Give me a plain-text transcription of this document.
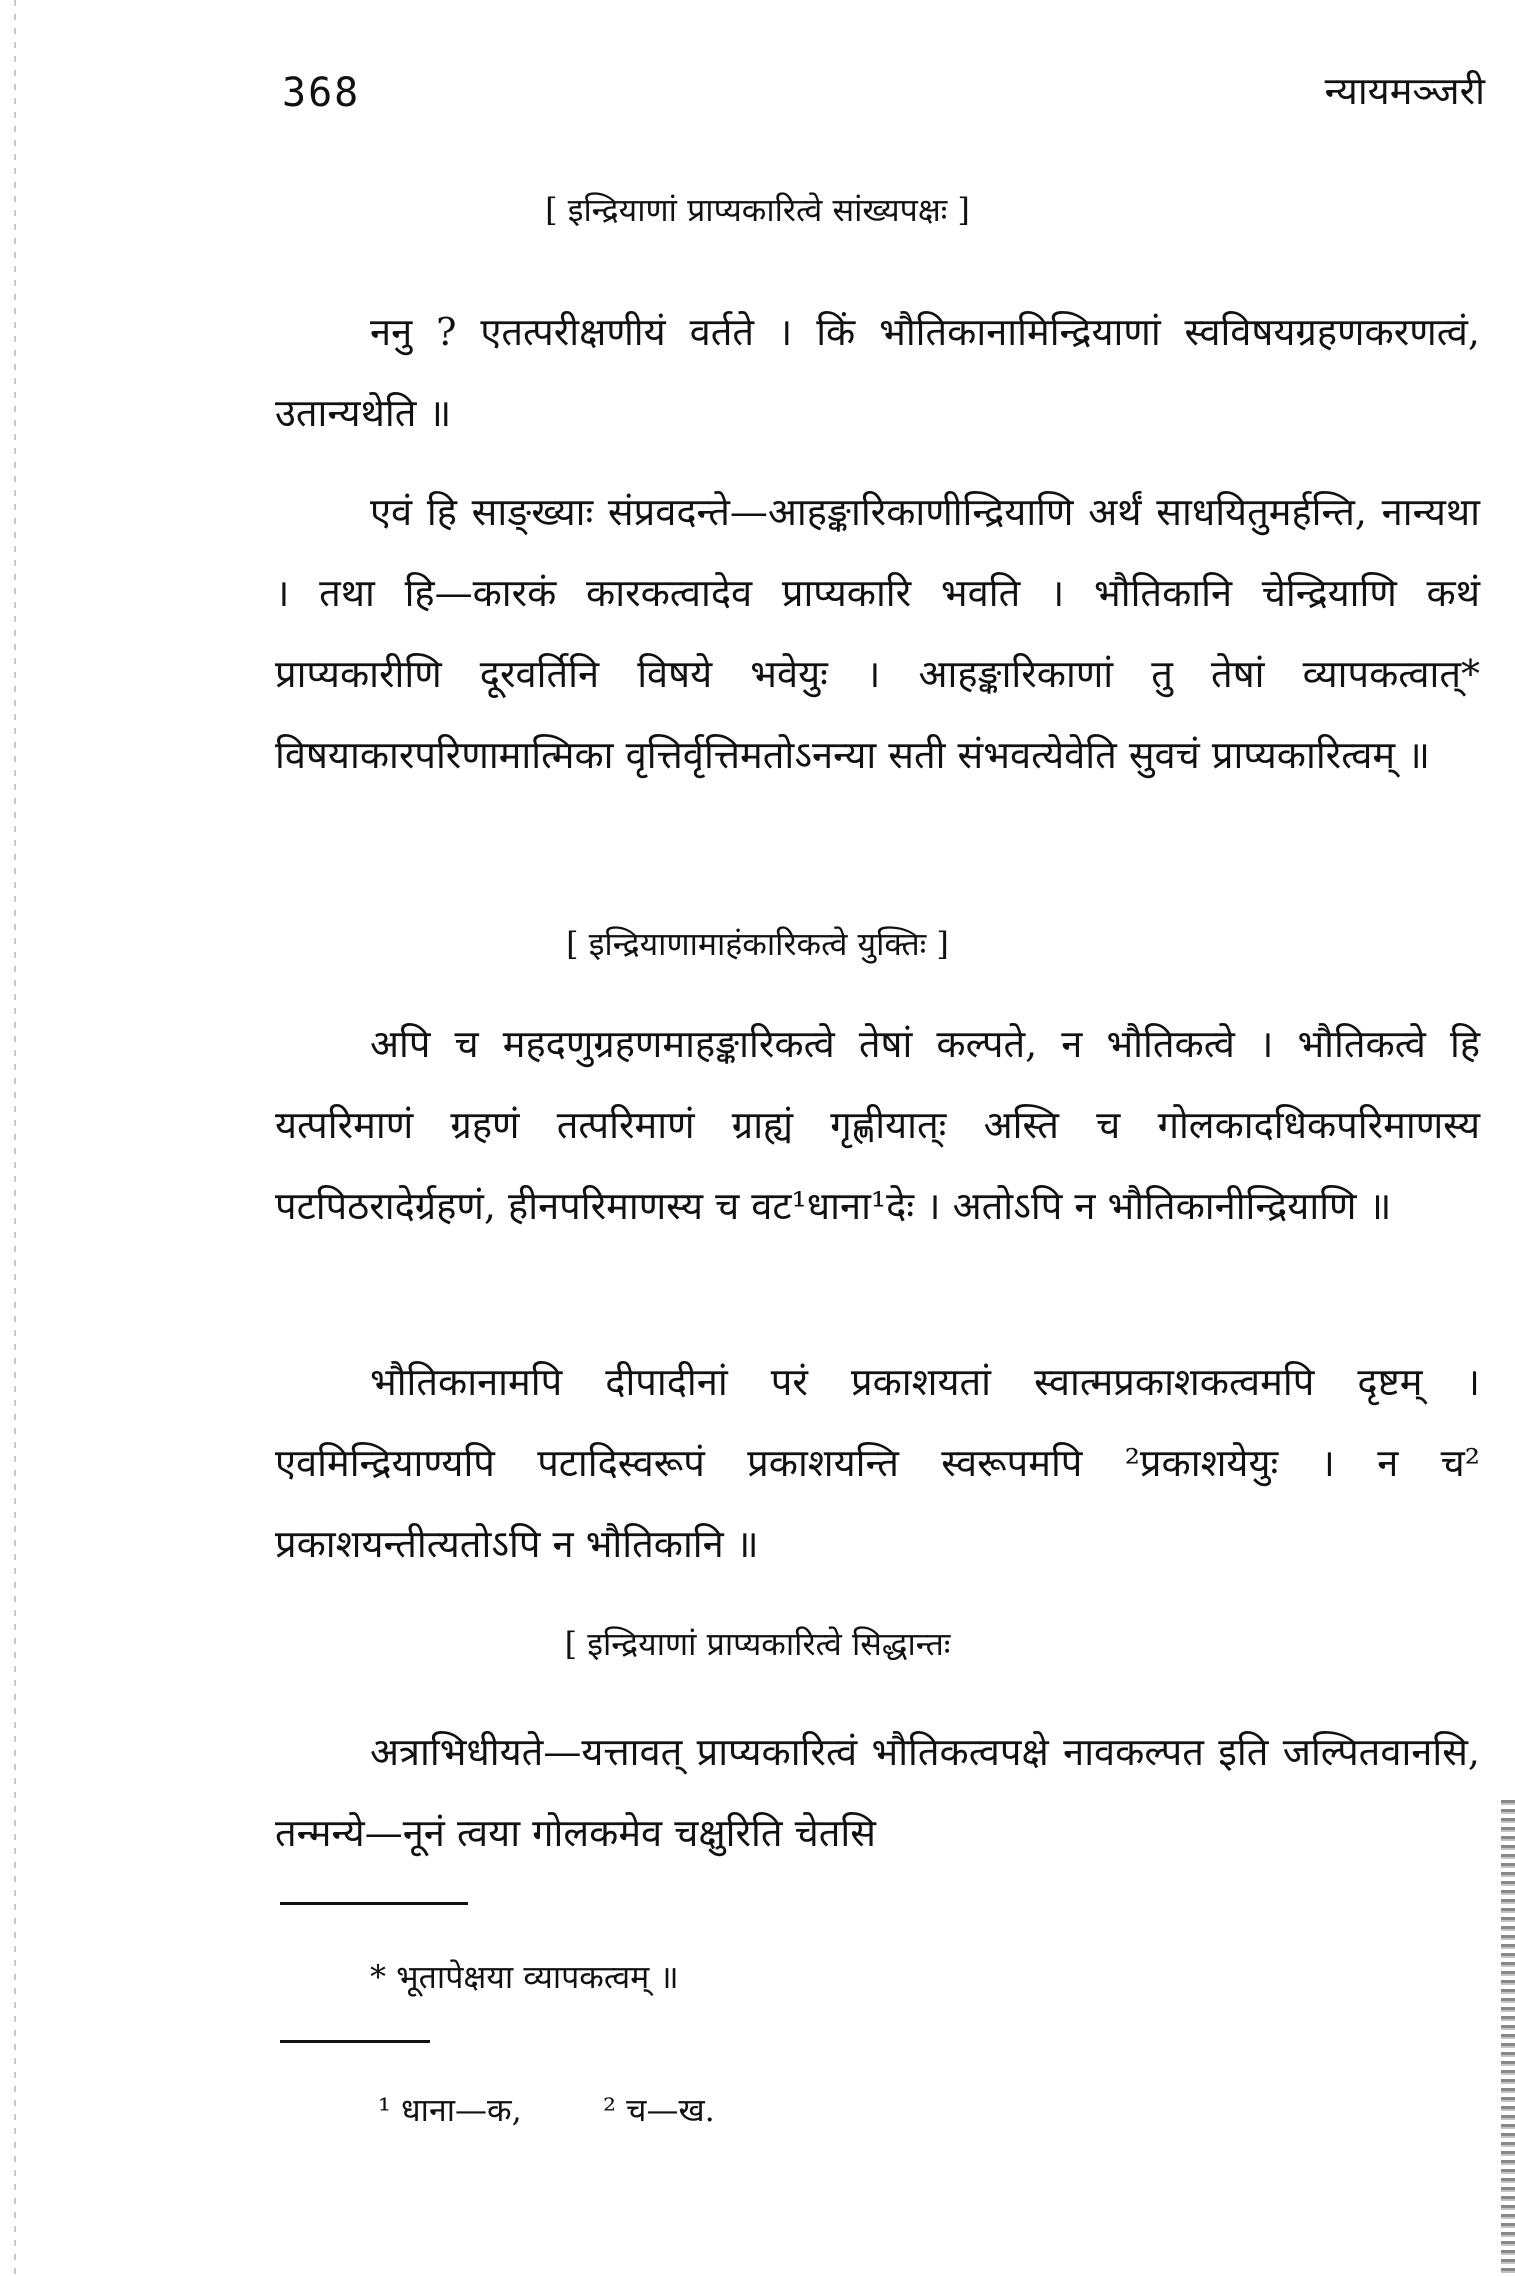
368	न्यायमञ्जरी
[ इन्द्रियाणां प्राप्यकारित्वे सांख्यपक्षः ]
ननु ? एतत्परीक्षणीयं वर्तते । किं भौतिकानामिन्द्रियाणां स्वविषयग्रहणकरणत्वं, उतान्यथेति ॥
एवं हि साङ्ख्याः संप्रवदन्ते—आहङ्कारिकाणीन्द्रियाणि अर्थं साधयितुमर्हन्ति, नान्यथा । तथा हि—कारकं कारकत्वादेव प्राप्यकारि भवति । भौतिकानि चेन्द्रियाणि कथं प्राप्यकारीणि दूरवर्तिनि विषये भवेयुः । आहङ्कारिकाणां तु तेषां व्यापकत्वात्* विषयाकारपरिणामात्मिका वृत्तिर्वृत्तिमतोऽनन्या सती संभवत्येवेति सुवचं प्राप्यकारित्वम् ॥
[ इन्द्रियाणामाहंकारिकत्वे युक्तिः ]
अपि च महदणुग्रहणमाहङ्कारिकत्वे तेषां कल्पते, न भौतिकत्वे । भौतिकत्वे हि यत्परिमाणं ग्रहणं तत्परिमाणं ग्राह्यं गृह्णीयात्ः अस्ति च गोलकादधिकपरिमाणस्य पटपिठरादेर्ग्रहणं, हीनपरिमाणस्य च वट¹धाना¹देः । अतोऽपि न भौतिकानीन्द्रियाणि ॥
भौतिकानामपि दीपादीनां परं प्रकाशयतां स्वात्मप्रकाशकत्वमपि दृष्टम् । एवमिन्द्रियाण्यपि पटादिस्वरूपं प्रकाशयन्ति स्वरूपमपि ²प्रकाशयेयुः । न च² प्रकाशयन्तीत्यतोऽपि न भौतिकानि ॥
[ इन्द्रियाणां प्राप्यकारित्वे सिद्धान्तः
अत्राभिधीयते—यत्तावत् प्राप्यकारित्वं भौतिकत्वपक्षे नावकल्पत इति जल्पितवानसि, तन्मन्ये—नूनं त्वया गोलकमेव चक्षुरिति चेतसि
* भूतापेक्षया व्यापकत्वम् ॥
¹ धाना—क,	² च—ख.
